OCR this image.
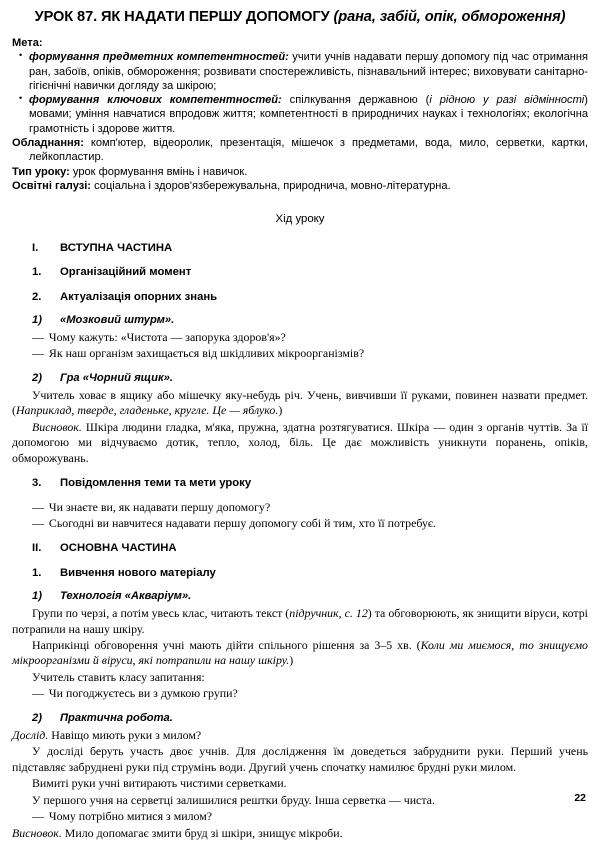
УРОК 87. ЯК НАДАТИ ПЕРШУ ДОПОМОГУ (рана, забій, опік, обмороження)
Мета:
• формування предметних компетентностей: учити учнів надавати першу допомогу під час отримання ран, забоїв, опіків, обмороження; розвивати спостережливість, пізнавальний інтерес; виховувати санітарно-гігієнічні навички догляду за шкірою;
• формування ключових компетентностей: спілкування державною (і рідною у разі відмінності) мовами; уміння навчатися впродовж життя; компетентності в природничих науках і технологіях; екологічна грамотність і здорове життя.
Обладнання: комп'ютер, відеоролик, презентація, мішечок з предметами, вода, мило, серветки, картки, лейкопластир.
Тип уроку: урок формування вмінь і навичок.
Освітні галузі: соціальна і здоров'язбережувальна, природнича, мовно-літературна.
Хід уроку
I.	ВСТУПНА ЧАСТИНА
1.	Організаційний момент
2.	Актуалізація опорних знань
1)	«Мозковий штурм».
— Чому кажуть: «Чистота — запорука здоров'я»?
— Як наш організм захищається від шкідливих мікроорганізмів?
2)	Гра «Чорний ящик».

Учитель ховає в ящику або мішечку яку-небудь річ. Учень, вивчивши її руками, повинен назвати предмет. (Наприклад, тверде, гладеньке, кругле. Це — яблуко.)

Висновок. Шкіра людини гладка, м'яка, пружна, здатна розтягуватися. Шкіра — один з органів чуттів. За її допомогою ми відчуваємо дотик, тепло, холод, біль. Це дає можливість уникнути поранень, опіків, обморожувань.

3.	Повідомлення теми та мети уроку
— Чи знаєте ви, як надавати першу допомогу?
— Сьогодні ви навчитеся надавати першу допомогу собі й тим, хто її потребує.
II.	ОСНОВНА ЧАСТИНА
1.	Вивчення нового матеріалу
1)	Технологія «Акваріум».

Групи по черзі, а потім увесь клас, читають текст (підручник, с. 12) та обговорюють, як знищити віруси, котрі потрапили на нашу шкіру.

Наприкінці обговорення учні мають дійти спільного рішення за 3–5 хв. (Коли ми миємося, то знищуємо мікроорганізми й віруси, які потрапили на нашу шкіру.)

Учитель ставить класу запитання:

— Чи погоджуєтесь ви з думкою групи?
2)	Практична робота.

Дослід. Навіщо миють руки з милом?

У досліді беруть участь двоє учнів. Для дослідження їм доведеться забруднити руки. Перший учень підставляє забруднені руки під струмінь води. Другий учень спочатку намилює брудні руки милом.

Вимиті руки учні витирають чистими серветками.

У першого учня на серветці залишилися рештки бруду. Інша серветка — чиста.

— Чому потрібно митися з милом?

Висновок. Мило допомагає змити бруд зі шкіри, знищує мікроби.

22
